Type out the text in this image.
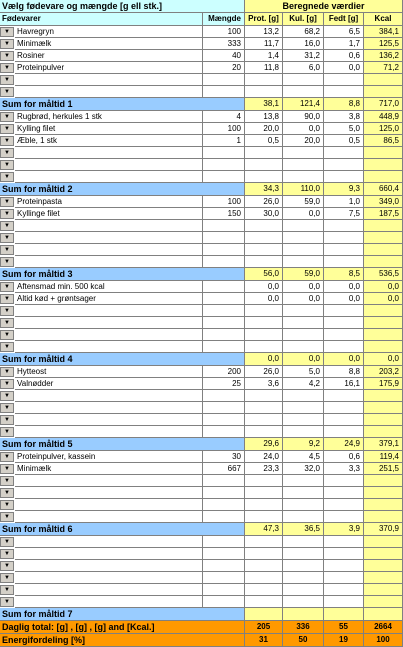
Vælg fødevare og mængde [g ell stk.]	Beregnede værdier
Fødevarer	Mængde Prot. [g]	Kul. [g]	Fedt [g]	Kcal
▼ Havregryn	100	13,2	68,2	6,5	384,1
▼ Minimælk	333	11,7	16,0	1,7	125,5
▼ Rosiner	40	1,4	31,2	0,6	136,2
▼ Proteinpulver	20	11,8	6,0	0,0	71,2
▼
▼
Sum for måltid 1	38,1	121,4	8,8	717,0
▼ Rugbrød, herkules 1 stk	4	13,8	90,0	3,8	448,9
▼ Kylling filet	100	20,0	0,0	5,0	125,0
▼ Æble, 1 stk	1	0,5	20,0	0,5	86,5
▼
▼
▼
Sum for måltid 2	34,3	110,0	9,3	660,4
▼ Proteinpasta	100	26,0	59,0	1,0	349,0
▼ Kyllinge filet	150	30,0	0,0	7,5	187,5
▼
▼
▼
▼
Sum for måltid 3	56,0	59,0	8,5	536,5
▼ Aftensmad min. 500 kcal	0,0	0,0	0,0	0,0
▼ Altid kød + grøntsager	0,0	0,0	0,0	0,0
▼
▼
▼
▼
Sum for måltid 4	0,0	0,0	0,0	0,0
▼ Hytteost	200	26,0	5,0	8,8	203,2
▼ Valnødder	25	3,6	4,2	16,1	175,9
▼
▼
▼
▼
Sum for måltid 5	29,6	9,2	24,9	379,1
▼ Proteinpulver, kassein	30	24,0	4,5	0,6	119,4
▼ Minimælk	667	23,3	32,0	3,3	251,5
▼
▼
▼
▼
Sum for måltid 6	47,3	36,5	3,9	370,9
▼
▼
▼
▼
▼
▼
Sum for måltid 7
Daglig total: [g] , [g] , [g] and [Kcal.]	205	336	55	2664
Energifordeling [%]	31	50	19	100
